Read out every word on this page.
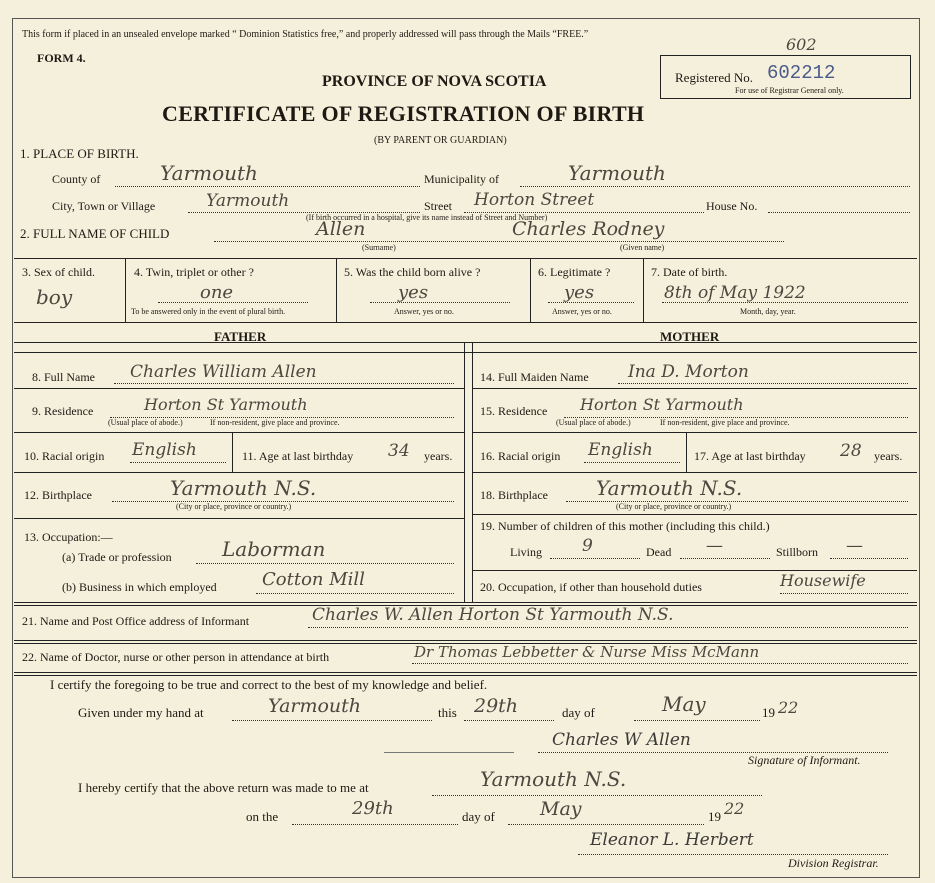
This form if placed in an unsealed envelope marked “ Dominion Statistics free,” and properly addressed will pass through the Mails “FREE.”
FORM 4.
PROVINCE OF NOVA SCOTIA
CERTIFICATE OF REGISTRATION OF BIRTH
(BY PARENT OR GUARDIAN)
Registered No. 602212
For use of Registrar General only.
602
1. PLACE OF BIRTH.
County of	Yarmouth	Municipality of	Yarmouth
City, Town or Village	Yarmouth	Street Horton Street	House No.
(If birth occurred in a hospital, give its name instead of Street and Number)
2. FULL NAME OF CHILD	Allen	Charles Rodney
(Surname)	(Given name)
3. Sex of child.
boy
4. Twin, triplet or other ?
one
To be answered only in the event of plural birth.
5. Was the child born alive ?
yes
Answer, yes or no.
6. Legitimate ?
yes
Answer, yes or no.
7. Date of birth.
8th of May 1922
Month, day, year.
FATHER	MOTHER
8. Full Name Charles William Allen
9. Residence	Horton St Yarmouth
(Usual place of abode.)	If non-resident, give place and province.
10. Racial origin English	11. Age at last birthday 34 years.
12. Birthplace	Yarmouth N.S.
(City or place, province or country.)
13. Occupation:—
(a) Trade or profession	Laborman
(b) Business in which employed	Cotton Mill
14. Full Maiden Name Ina D. Morton
15. Residence Horton St Yarmouth
(Usual place of abode.)	If non-resident, give place and province.
16. Racial origin English	17. Age at last birthday 28 years.
18. Birthplace Yarmouth N.S.
(City or place, province or country.)
19. Number of children of this mother (including this child.)
Living 9	Dead —	Stillborn —
20. Occupation, if other than household duties	Housewife
21. Name and Post Office address of Informant	Charles W. Allen Horton St Yarmouth N.S.
22. Name of Doctor, nurse or other person in attendance at birth	Dr Thomas Lebbetter & Nurse Miss McMann
I certify the foregoing to be true and correct to the best of my knowledge and belief.
Given under my hand at	Yarmouth	this 29th	day of	May	19 22
Charles W Allen
Signature of Informant.
I hereby certify that the above return was made to me at	Yarmouth N.S.
on the	29th	day of May	19 22
Eleanor L. Herbert
Division Registrar.
